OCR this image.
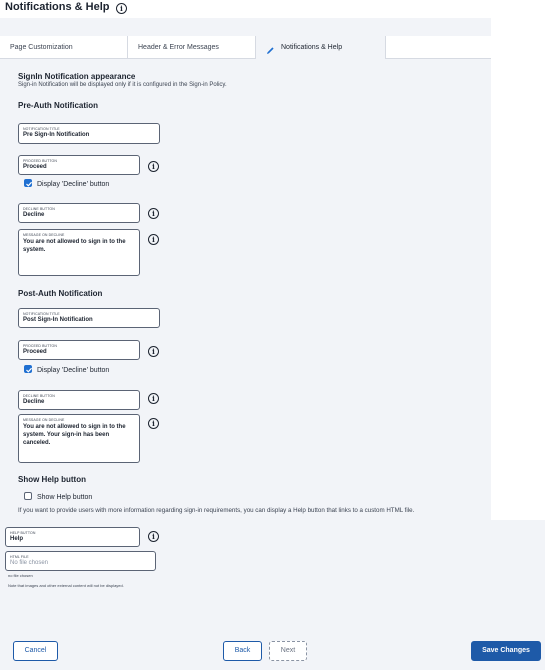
Notifications & Help	i
Page Customization	Header & Error Messages	Notifications & Help
SignIn Notification appearance
Sign-in Notification will be displayed only if it is configured in the Sign-in Policy.
Pre-Auth Notification
NOTIFICATION TITLE
Pre Sign-In Notification
PROCEED BUTTON
Proceed	i
Display 'Decline' button
DECLINE BUTTON
Decline	i
MESSAGE ON DECLINE
You are not allowed to sign in to the system.
i
Post-Auth Notification
NOTIFICATION TITLE
Post Sign-In Notification
PROCEED BUTTON
Proceed	i
Display 'Decline' button
DECLINE BUTTON
Decline	i
MESSAGE ON DECLINE
You are not allowed to sign in to the system. Your sign-in has been canceled.
i
Show Help button
Show Help button
If you want to provide users with more information regarding sign-in requirements, you can display a Help button that links to a custom HTML file.
HELP BUTTON
Help	i
HTML FILE
No file chosen
no file chosen
Note that images and other external content will not be displayed.
Cancel	Back	Next	Save Changes
